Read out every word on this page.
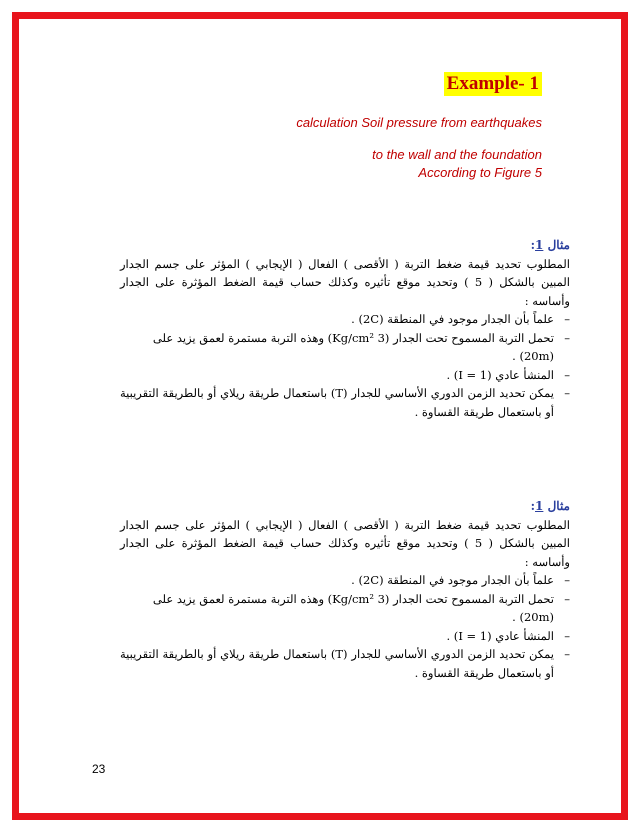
Example- 1
calculation Soil pressure from earthquakes
to the wall and the foundation
According to Figure 5
مثال 1:

المطلوب تحديد قيمة ضغط التربة ( الأقصى ) الفعال ( الإيجابي ) المؤثر على جسم الجدار المبين بالشكل ( 5 ) وتحديد موقع تأثيره وكذلك حساب قيمة الضغط المؤثرة على الجدار وأساسه :

– علماً بأن الجدار موجود في المنطقة (2C) .
– تحمل التربة المسموح تحت الجدار (3 Kg/cm²) وهذه التربة مستمرة لعمق يزيد على
(20m) .
– المنشأ عادي (I = 1) .
– يمكن تحديد الزمن الدوري الأساسي للجدار (T) باستعمال طريقة ريلاي أو بالطريقة التقريبية أو باستعمال طريقة القساوة .
مثال 1:

المطلوب تحديد قيمة ضغط التربة ( الأقصى ) الفعال ( الإيجابي ) المؤثر على جسم الجدار المبين بالشكل ( 5 ) وتحديد موقع تأثيره وكذلك حساب قيمة الضغط المؤثرة على الجدار وأساسه :

– علماً بأن الجدار موجود في المنطقة (2C) .
– تحمل التربة المسموح تحت الجدار (3 Kg/cm²) وهذه التربة مستمرة لعمق يزيد على
(20m) .
– المنشأ عادي (I = 1) .
– يمكن تحديد الزمن الدوري الأساسي للجدار (T) باستعمال طريقة ريلاي أو بالطريقة التقريبية أو باستعمال طريقة القساوة .
23
